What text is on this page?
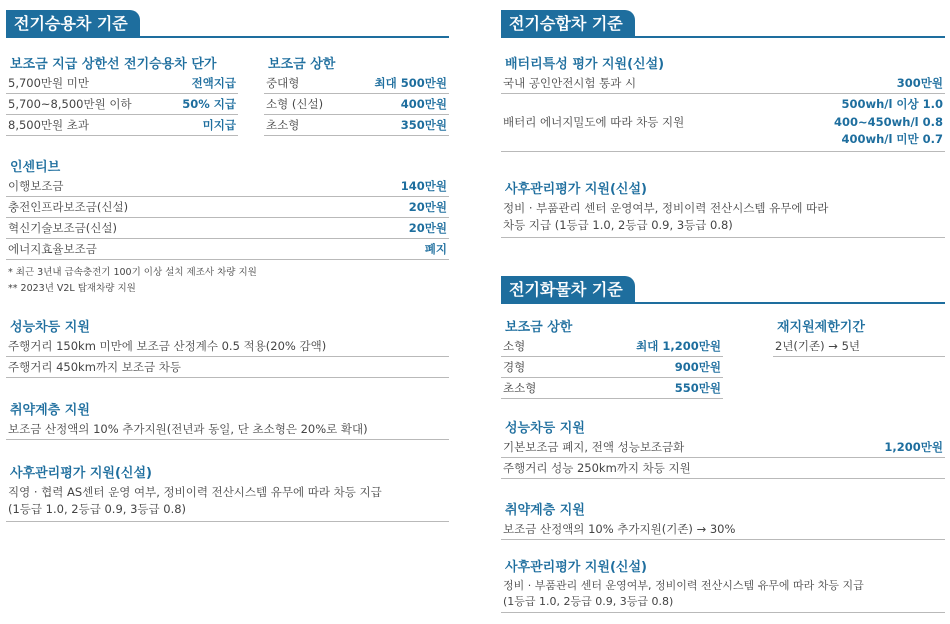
전기승용차 기준
보조금 지급 상한선 전기승용차 단가
5,700만원 미만	전액지급
5,700~8,500만원 이하	50% 지급
8,500만원 초과	미지급
보조금 상한
중대형	최대 500만원
소형 (신설)	400만원
초소형	350만원
인센티브
이행보조금	140만원
충전인프라보조금(신설)	20만원
혁신기술보조금(신설)	20만원
에너지효율보조금	폐지
* 최근 3년내 급속충전기 100기 이상 설치 제조사 차량 지원
** 2023년 V2L 탑재차량 지원
성능차등 지원
주행거리 150km 미만에 보조금 산정계수 0.5 적용(20% 감액)
주행거리 450km까지 보조금 차등
취약계층 지원
보조금 산정액의 10% 추가지원(전년과 동일, 단 초소형은 20%로 확대)
사후관리평가 지원(신설)
직영 · 협력 AS센터 운영 여부, 정비이력 전산시스템 유무에 따라 차등 지급
(1등급 1.0, 2등급 0.9, 3등급 0.8)
전기승합차 기준
배터리특성 평가 지원(신설)
국내 공인안전시험 통과 시	300만원
배터리 에너지밀도에 따라 차등 지원
500wh/l 이상 1.0
400~450wh/l 0.8
400wh/l 미만 0.7
사후관리평가 지원(신설)
정비 · 부품관리 센터 운영여부, 정비이력 전산시스템 유무에 따라
차등 지급 (1등급 1.0, 2등급 0.9, 3등급 0.8)
전기화물차 기준
보조금 상한
소형	최대 1,200만원
경형	900만원
초소형	550만원
재지원제한기간
2년(기존) → 5년
성능차등 지원
기본보조금 폐지, 전액 성능보조금화	1,200만원
주행거리 성능 250km까지 차등 지원
취약계층 지원
보조금 산정액의 10% 추가지원(기존) → 30%
사후관리평가 지원(신설)
정비 · 부품관리 센터 운영여부, 정비이력 전산시스템 유무에 따라 차등 지급
(1등급 1.0, 2등급 0.9, 3등급 0.8)
